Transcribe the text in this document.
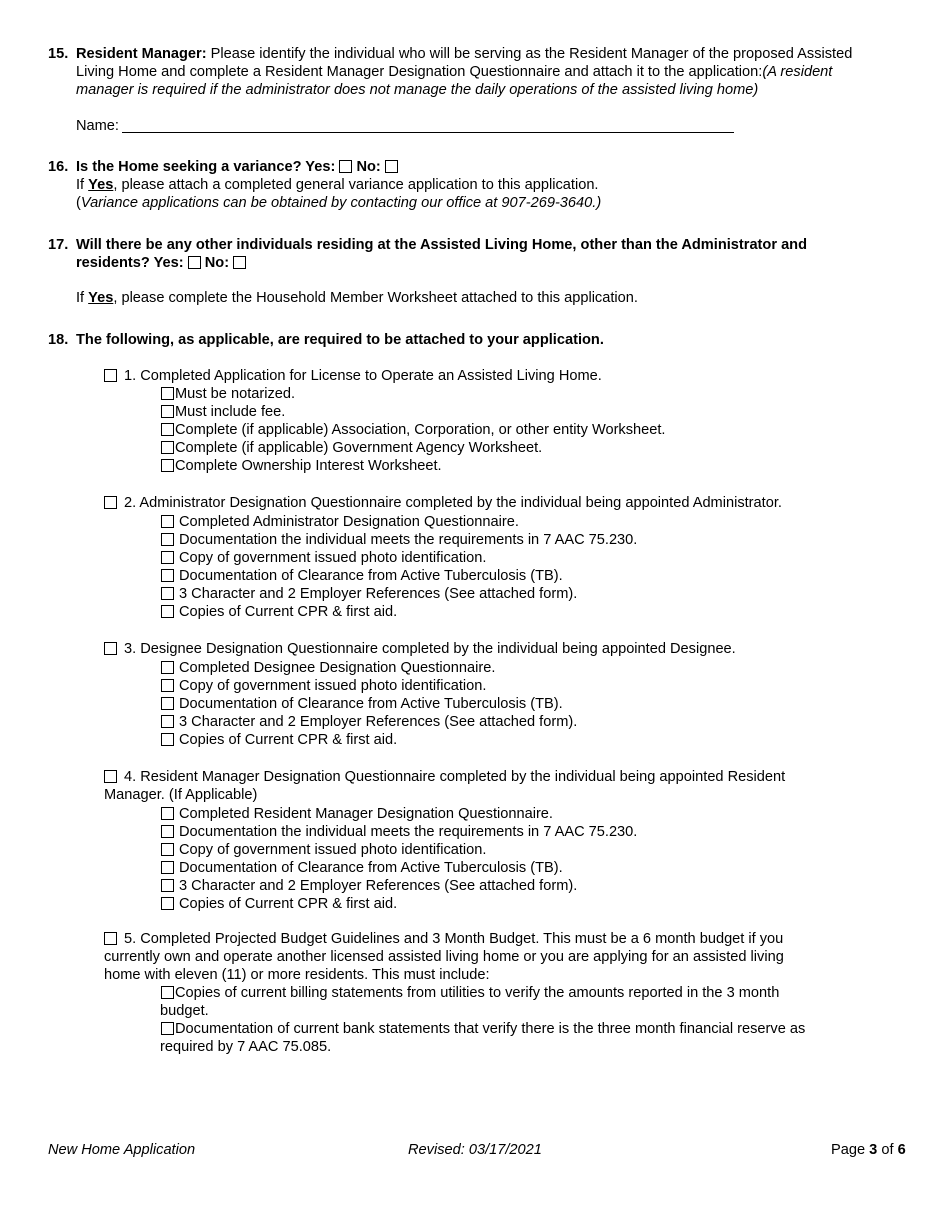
15. Resident Manager: Please identify the individual who will be serving as the Resident Manager of the proposed Assisted
Living Home and complete a Resident Manager Designation Questionnaire and attach it to the application:(A resident
manager is required if the administrator does not manage the daily operations of the assisted living home)
Name:
16. Is the Home seeking a variance? Yes: No:
If Yes, please attach a completed general variance application to this application.
(Variance applications can be obtained by contacting our office at 907-269-3640.)
17. Will there be any other individuals residing at the Assisted Living Home, other than the Administrator and
residents? Yes: No:
If Yes, please complete the Household Member Worksheet attached to this application.
18. The following, as applicable, are required to be attached to your application.
1. Completed Application for License to Operate an Assisted Living Home.
Must be notarized.
Must include fee.
Complete (if applicable) Association, Corporation, or other entity Worksheet.
Complete (if applicable) Government Agency Worksheet.
Complete Ownership Interest Worksheet.
2. Administrator Designation Questionnaire completed by the individual being appointed Administrator.
Completed Administrator Designation Questionnaire.
Documentation the individual meets the requirements in 7 AAC 75.230.
Copy of government issued photo identification.
Documentation of Clearance from Active Tuberculosis (TB).
3 Character and 2 Employer References (See attached form).
Copies of Current CPR & first aid.
3. Designee Designation Questionnaire completed by the individual being appointed Designee.
Completed Designee Designation Questionnaire.
Copy of government issued photo identification.
Documentation of Clearance from Active Tuberculosis (TB).
3 Character and 2 Employer References (See attached form).
Copies of Current CPR & first aid.
4. Resident Manager Designation Questionnaire completed by the individual being appointed Resident
Manager. (If Applicable)
Completed Resident Manager Designation Questionnaire.
Documentation the individual meets the requirements in 7 AAC 75.230.
Copy of government issued photo identification.
Documentation of Clearance from Active Tuberculosis (TB).
3 Character and 2 Employer References (See attached form).
Copies of Current CPR & first aid.
5. Completed Projected Budget Guidelines and 3 Month Budget. This must be a 6 month budget if you
currently own and operate another licensed assisted living home or you are applying for an assisted living
home with eleven (11) or more residents. This must include:
Copies of current billing statements from utilities to verify the amounts reported in the 3 month
budget.
Documentation of current bank statements that verify there is the three month financial reserve as
required by 7 AAC 75.085.
New Home Application	Revised: 03/17/2021	Page 3 of 6
